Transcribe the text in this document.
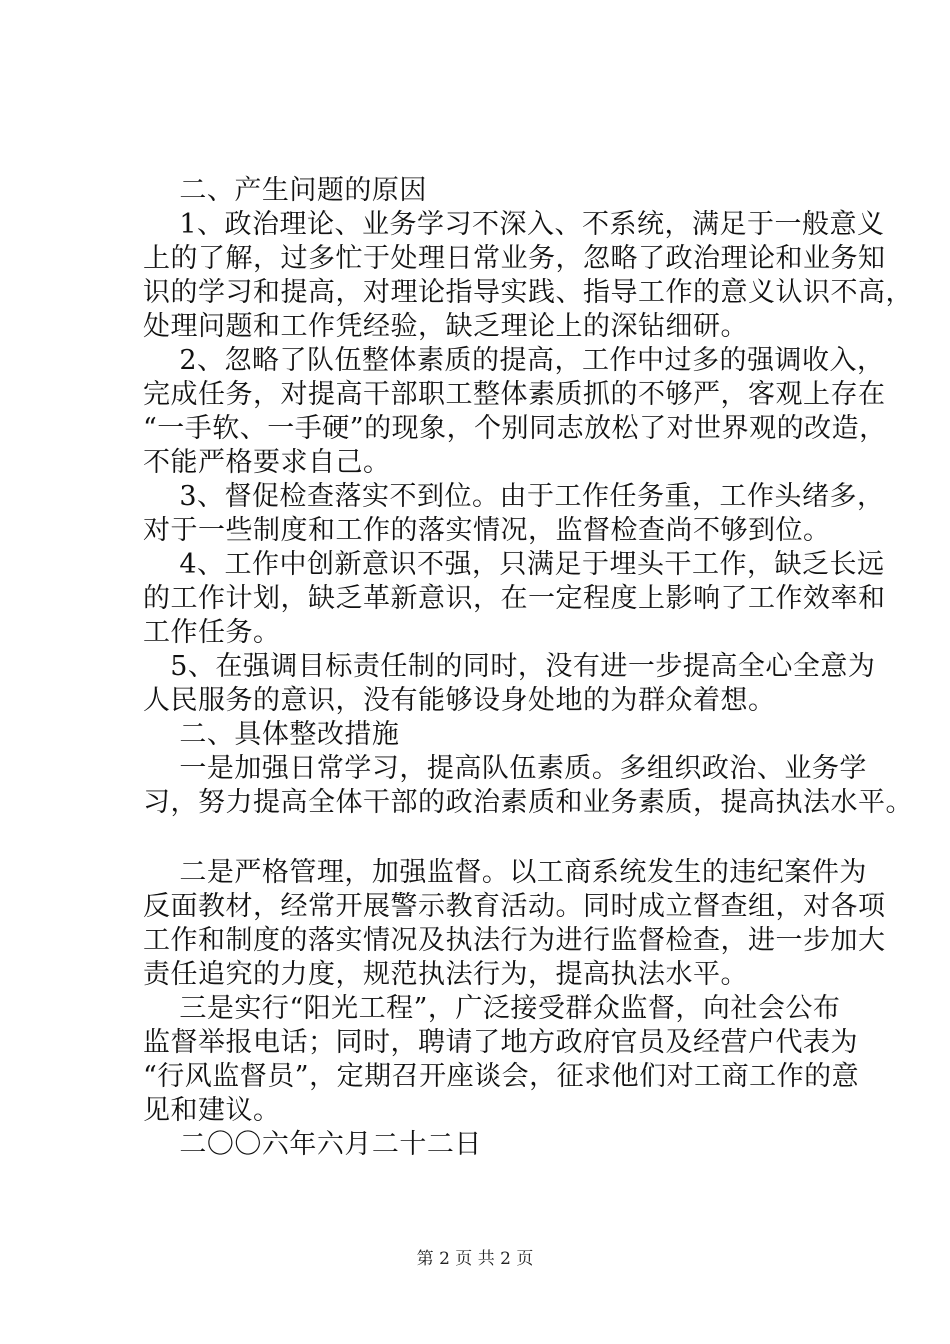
二、产生问题的原因
1、政治理论、业务学习不深入、不系统，满足于一般意义
上的了解，过多忙于处理日常业务，忽略了政治理论和业务知
识的学习和提高，对理论指导实践、指导工作的意义认识不高，
处理问题和工作凭经验，缺乏理论上的深钻细研。
2、忽略了队伍整体素质的提高，工作中过多的强调收入，
完成任务，对提高干部职工整体素质抓的不够严，客观上存在
“一手软、一手硬”的现象，个别同志放松了对世界观的改造，
不能严格要求自己。
3、督促检查落实不到位。由于工作任务重，工作头绪多，
对于一些制度和工作的落实情况，监督检查尚不够到位。
4、工作中创新意识不强，只满足于埋头干工作，缺乏长远
的工作计划，缺乏革新意识，在一定程度上影响了工作效率和
工作任务。
5、在强调目标责任制的同时，没有进一步提高全心全意为
人民服务的意识，没有能够设身处地的为群众着想。
二、具体整改措施
一是加强日常学习，提高队伍素质。多组织政治、业务学
习，努力提高全体干部的政治素质和业务素质，提高执法水平。
二是严格管理，加强监督。以工商系统发生的违纪案件为
反面教材，经常开展警示教育活动。同时成立督查组，对各项
工作和制度的落实情况及执法行为进行监督检查，进一步加大
责任追究的力度，规范执法行为，提高执法水平。
三是实行“阳光工程”，广泛接受群众监督，向社会公布
监督举报电话；同时，聘请了地方政府官员及经营户代表为
“行风监督员”，定期召开座谈会，征求他们对工商工作的意
见和建议。
二〇〇六年六月二十二日
第 2 页 共 2 页
